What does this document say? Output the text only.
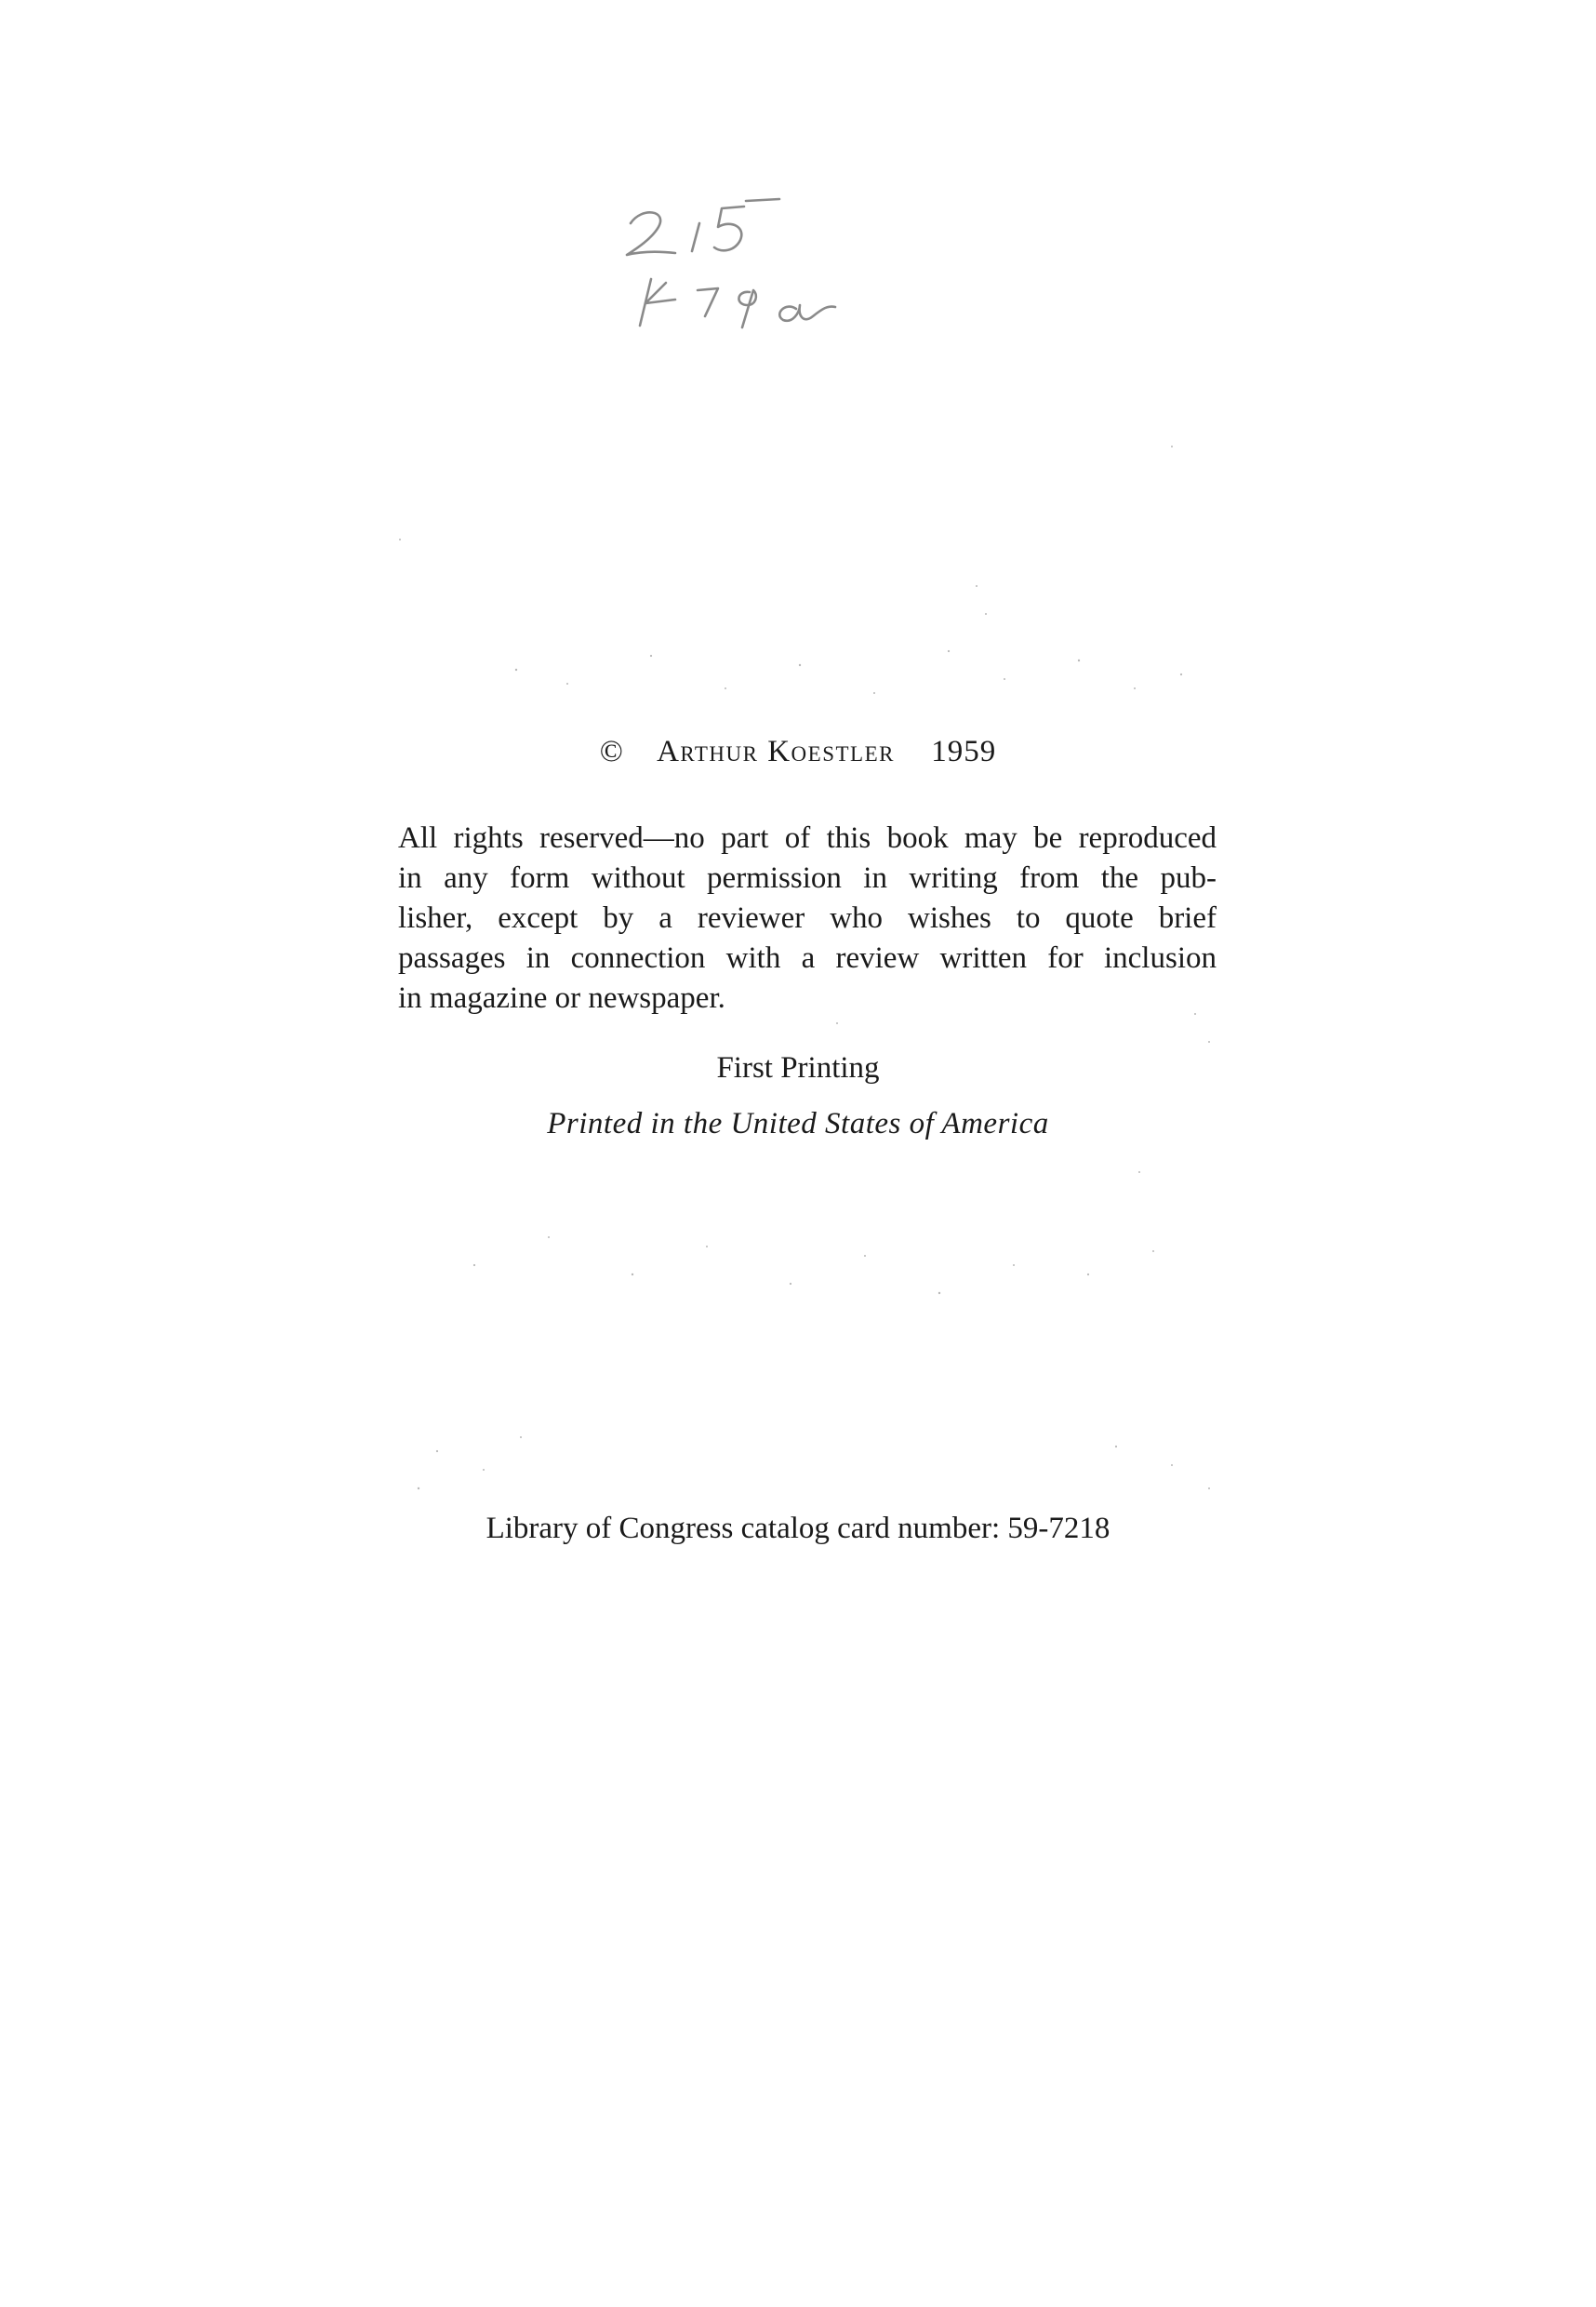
© Arthur Koestler 1959
All rights reserved—no part of this book may be reproduced
in any form without permission in writing from the pub-
lisher, except by a reviewer who wishes to quote brief
passages in connection with a review written for inclusion
in magazine or newspaper.
First Printing
Printed in the United States of America
Library of Congress catalog card number: 59-7218
